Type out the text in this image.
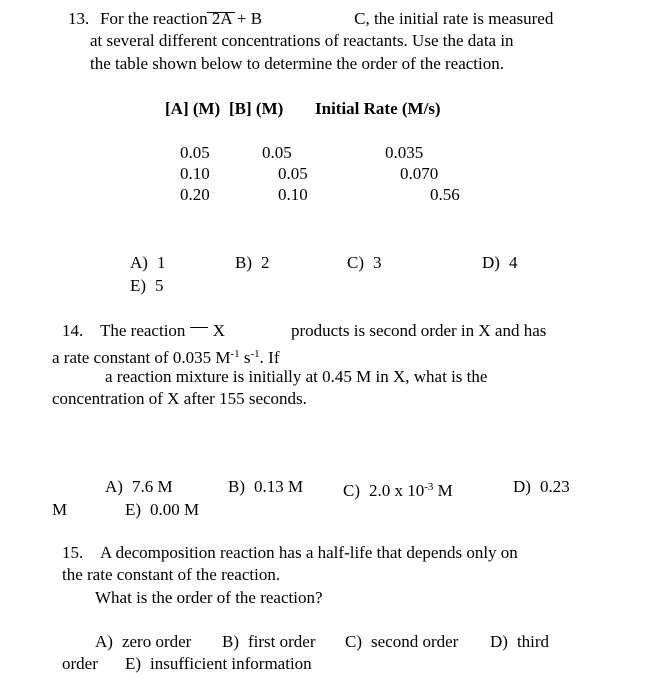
13. For the reaction 2A + B	C, the initial rate is measured
at several different concentrations of reactants. Use the data in
the table shown below to determine the order of the reaction.
[A] (M) [B] (M) Initial Rate (M/s)
0.05	0.05	0.035
0.10	0.05	0.070
0.20	0.10	0.56
A) 1	B) 2	C) 3	D) 4
E) 5
14. The reaction X	products is second order in X and has
a rate constant of 0.035 $M^{-1}$ $s^{-1}$. If
a reaction mixture is initially at 0.45 M in X, what is the
concentration of X after 155 seconds.
A) 7.6 M	B) 0.13 M C) 2.0 x $10^{-3}$ M	D) 0.23
M	E) 0.00 M
15. A decomposition reaction has a half-life that depends only on
the rate constant of the reaction.
What is the order of the reaction?
A) zero order B) first order C) second order D) third
order E) insufficient information
